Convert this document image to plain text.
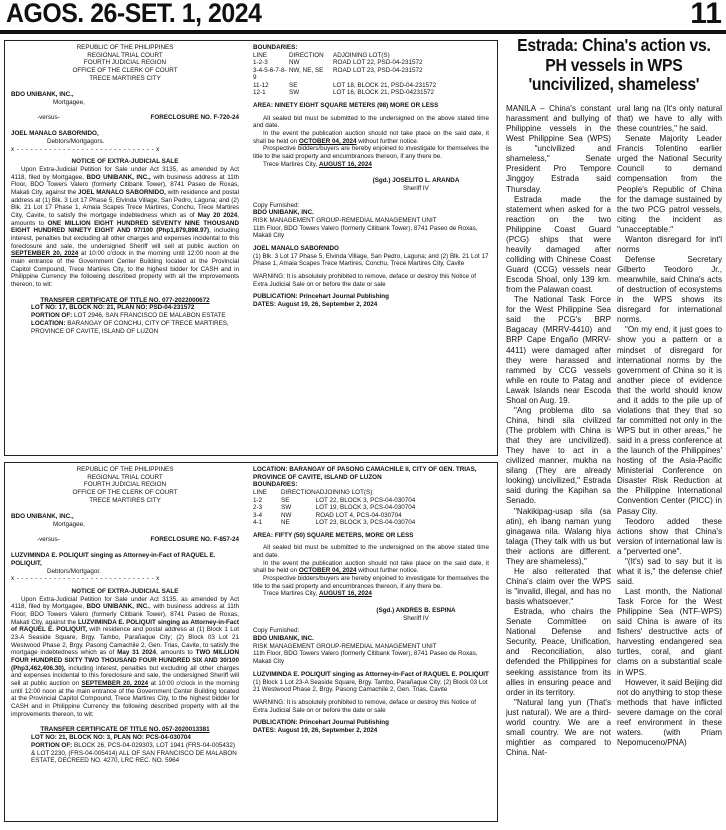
AGOS. 26-SET. 1, 2024	11
REPUBLIC OF THE PHILIPPINES
REGIONAL TRIAL COURT
FOURTH JUDICIAL REGION
OFFICE OF THE CLERK OF COURT
TRECE MARTIRES CITY
BDO UNIBANK, INC.,
Mortgagee,
-versus-	FORECLOSURE NO. F-720-24
JOEL MANALO SABORNIDO,
Debtors/Mortgagors.
x - - - - - - - - - - - - - - - - - - - - - - - - - - - - - - x
NOTICE OF EXTRA-JUDICIAL SALE
Upon Extra-Judicial Petition for Sale under Act 3135, as amended by Act 4118, filed by Mortgagee, BDO UNIBANK, INC., with business address at 11th Floor, BDO Towers Valero (formerly Citibank Tower), 8741 Paseo de Roxas, Makati City, against the JOEL MANALO SABORNIDO, with residence and postal address at (1) Blk. 3 Lot 17 Phase 5, Elvinda Village, San Pedro, Laguna; and (2) Blk. 21 Lot 17 Phase 1, Amaia Scapes Trece Martires, Conchu, Trece Martires City, Cavite, to satisfy the mortgage indebtedness which as of May 20 2024, amounts to ONE MILLION EIGHT HUNDRED SEVENTY NINE THOUSAND EIGHT HUNDRED NINETY EIGHT AND 97/100 (Php1,879,898.97), including interest, penalties but excluding all other charges and expenses incidental to this foreclosure and sale, the undersigned Sheriff will sell at public auction on SEPTEMBER 20, 2024 at 10:00 o'clock in the morning until 12:00 noon at the main entrance of the Government Center Building located at the Provincial Capitol Compound, Trece Martires City, to the highest bidder for CASH and in Philippine Currency the following described property with all the improvements thereon, to wit:
TRANSFER CERTIFICATE OF TITLE NO. 077-2022000672
LOT NO: 17, BLOCK NO: 21, PLAN NO: PSD-04-231572
PORTION OF: LOT 2946, SAN FRANCISCO DE MALABON ESTATE
LOCATION: BARANGAY OF CONCHU, CITY OF TRECE MARTIRES, PROVINCE OF CAVITE, ISLAND OF LUZON
BOUNDARIES:
LINE	DIRECTION	ADJOINING LOT(S)
1-2-3	NW	ROAD LOT 22, PSD-04-231572
3-4-5-6-7-8-9	NW, NE, SE	ROAD LOT 23, PSD-04-231572
11-12	SE	LOT 18, BLOCK 21, PSD-04-231572
12-1	SW	LOT 16, BLOCK 21, PSD-04231572
AREA: NINETY EIGHT SQUARE METERS (98) MORE OR LESS
All sealed bid must be submitted to the undersigned on the above stated time and date.
In the event the publication auction should not take place on the said date, it shall be held on OCTOBER 04, 2024 without further notice.
Prospective bidders/buyers are hereby enjoined to investigate for themselves the title to the said property and encumbrances thereon, if any there be.
Trece Martires City, AUGUST 16, 2024
(Sgd.) JOSELITO L. ARANDA
Sheriff IV
Copy Furnished:
BDO UNIBANK, INC.
RISK MANAGEMENT GROUP-REMEDIAL MANAGEMENT UNIT
11th Floor, BDO Towers Valero (formerly Citibank Tower), 8741 Paseo de Roxas, Makati City
JOEL MANALO SABORNIDO
(1) Blk. 3 Lot 17 Phase 5, Elvinda Village, San Pedro, Laguna; and (2) Blk. 21 Lot 17 Phase 1, Amaia Scapes Trece Martires, Conchu, Trece Martires City, Cavite
WARNING: It is absolutely prohibited to remove, deface or destroy this Notice of Extra Judicial Sale on or before the date or sale
PUBLICATION: Princehart Journal Publishing
DATES: August 19, 26, September 2, 2024
REPUBLIC OF THE PHILIPPINES
REGIONAL TRIAL COURT
FOURTH JUDICIAL REGION
OFFICE OF THE CLERK OF COURT
TRECE MARTIRES CITY
BDO UNIBANK, INC.,
Mortgagee,
-versus-	FORECLOSURE NO. F-857-24
LUZVIMINDA E. POLIQUIT singing as Attorney-in-Fact of RAQUEL E. POLIQUIT,
Debtors/Mortgagor.
x - - - - - - - - - - - - - - - - - - - - - - - - - - - - - - x
NOTICE OF EXTRA-JUDICIAL SALE
Upon Extra-Judicial Petition for Sale under Act 3135, as amended by Act 4118, filed by Mortgagee, BDO UNIBANK, INC., with business address at 11th Floor, BDO Towers Valero (formerly Citibank Tower), 8741 Paseo de Roxas, Makati City, against the LUZVIMINDA E. POLIQUIT singing as Attorney-in-Fact of RAQUEL E. POLIQUIT, with residence and postal address at (1) Block 1 Lot 23-A Seaside Square, Brgy. Tambo, Parañaque City; (2) Block 03 Lot 21 Westwood Phase 2, Brgy. Pasong Camachile 2, Gen. Trias, Cavite, to satisfy the mortgage indebtedness which as of May 31 2024, amounts to TWO MILLION FOUR HUNDRED SIXTY TWO THOUSAND FOUR HUNDRED SIX AND 30/100 (Php3,462,406.30), including interest, penalties but excluding all other charges and expenses incidental to this foreclosure and sale, the undersigned Sheriff will sell at public auction on SEPTEMBER 20, 2024 at 10:00 o'clock in the morning until 12:00 noon at the main entrance of the Government Center Building located at the Provincial Capitol Compound, Trece Martires City, to the highest bidder for CASH and in Philippine Currency the following described property with all the improvements thereon, to wit:
TRANSFER CERTIFICATE OF TITLE NO. 057-2020013381
LOT NO: 21, BLOCK NO: 3, PLAN NO: PCS-04-030704
PORTION OF: BLOCK 26, PCS-04-029303, LOT 1941 (FRS-04-005432) & LOT 2230, (FRS-04-005414) ALL OF SAN FRANCISCO DE MALABON ESTATE, DECREED NO. 4270, LRC REC. NO. 5964
LOCATION: BARANGAY OF PASONG CAMACHILE II, CITY OF GEN. TRIAS, PROVINCE OF CAVITE, ISLAND OF LUZON
BOUNDARIES:
LINE	DIRECTION	ADJOINING LOT(S)
1-2	SE	LOT 22, BLOCK 3, PCS-04-030704
2-3	SW	LOT 19, BLOCK 3, PCS-04-030704
3-4	NW	ROAD LOT 4, PCS-04-030704
4-1	NE	LOT 23, BLOCK 3, PCS-04-030704
AREA: FIFTY (50) SQUARE METERS, MORE OR LESS
All sealed bid must be submitted to the undersigned on the above stated time and date.
In the event the publication auction should not take place on the said date, it shall be held on OCTOBER 04, 2024 without further notice.
Prospective bidders/buyers are hereby enjoined to investigate for themselves the title to the said property and encumbrances thereon, if any there be.
Trece Martires City, AUGUST 16, 2024
(Sgd.) ANDRES B. ESPINA
Sheriff IV
Copy Furnished:
BDO UNIBANK, INC.
RISK MANAGEMENT GROUP-REMEDIAL MANAGEMENT UNIT
11th Floor, BDO Towers Valero (formerly Citibank Tower), 8741 Paseo de Roxas, Makati City
LUZVIMINDA E. POLIQUIT singing as Attorney-in-Fact of RAQUEL E. POLIQUIT
(1) Block 1 Lot 23-A Seaside Square, Brgy. Tambo, Parañaque City; (2) Block 03 Lot 21 Westwood Phase 2, Brgy. Pasong Camachile 2, Gen. Trias, Cavite
WARNING: It is absolutely prohibited to remove, deface or destroy this Notice of Extra Judicial Sale on or before the date or sale
PUBLICATION: Princehart Journal Publishing
DATES: August 19, 26, September 2, 2024
Estrada: China's action vs. PH vessels in WPS 'uncivilized, shameless'

MANILA – China's constant harassment and bullying of Philippine vessels in the West Philippine Sea (WPS) is "uncivilized and shameless," Senate President Pro Tempore Jinggoy Estrada said Thursday.

Estrada made the statement when asked for a reaction on the two Philippine Coast Guard (PCG) ships that were heavily damaged after colliding with Chinese Coast Guard (CCG) vessels near Escoda Shoal, only 139 km. from the Palawan coast.

The National Task Force for the West Philippine Sea said the PCG's BRP Bagacay (MRRV-4410) and BRP Cape Engaño (MRRV-4411) were damaged after they were harassed and rammed by CCG vessels while en route to Patag and Lawak Islands near Escoda Shoal on Aug. 19.

"Ang problema dito sa China, hindi sila civilized (The problem with China is that they are uncivilized). They have to act in a civilized manner, mukha na silang (They are already looking) uncivilized," Estrada said during the Kapihan sa Senado.

"Nakikipag-usap sila (sa atin), eh ibang naman yung ginagawa nila. Walang hiya talaga (They talk with us but their actions are different. They are shameless),"

He also reiterated that China's claim over the WPS is "invalid, illegal, and has no basis whatsoever."

Estrada, who chairs the Senate Committee on National Defense and Security, Peace, Unification, and Reconciliation, also defended the Philippines for seeking assistance from its allies in ensuring peace and order in its territory.

"Natural lang yun (That's just natural). We are a third-world country. We are a small country. We are not mightier as compared to China. Nat-

ural lang na (It's only natural that) we have to ally with these countries," he said.

Senate Majority Leader Francis Tolentino earlier urged the National Security Council to demand compensation from the People's Republic of China for the damage sustained by the two PCG patrol vessels, citing the incident as "unacceptable."

Wanton disregard for int'l norms

Defense Secretary Gilberto Teodoro Jr., meanwhile, said China's acts of destruction of ecosystems in the WPS shows its disregard for international norms.

"On my end, it just goes to show you a pattern or a mindset of disregard for international norms by the government of China so it is another piece of evidence that the world should know and it adds to the pile up of violations that they that so far committed not only in the WPS but in other areas," he said in a press conference at the launch of the Philippines' hosting of the Asia-Pacific Ministerial Conference on Disaster Risk Reduction at the Philippine International Convention Center (PICC) in Pasay City.

Teodoro added these actions show that China's version of international law is a "perverted one".

"(It's) sad to say but it is what it is," the defense chief said.

Last month, the National Task Force for the West Philippine Sea (NTF-WPS) said China is aware of its fishers' destructive acts of harvesting endangered sea turtles, coral, and giant clams on a substantial scale in WPS.

However, it said Beijing did not do anything to stop these methods that have inflicted severe damage on the coral reef environment in these waters. (with Priam Nepomuceno/PNA)
